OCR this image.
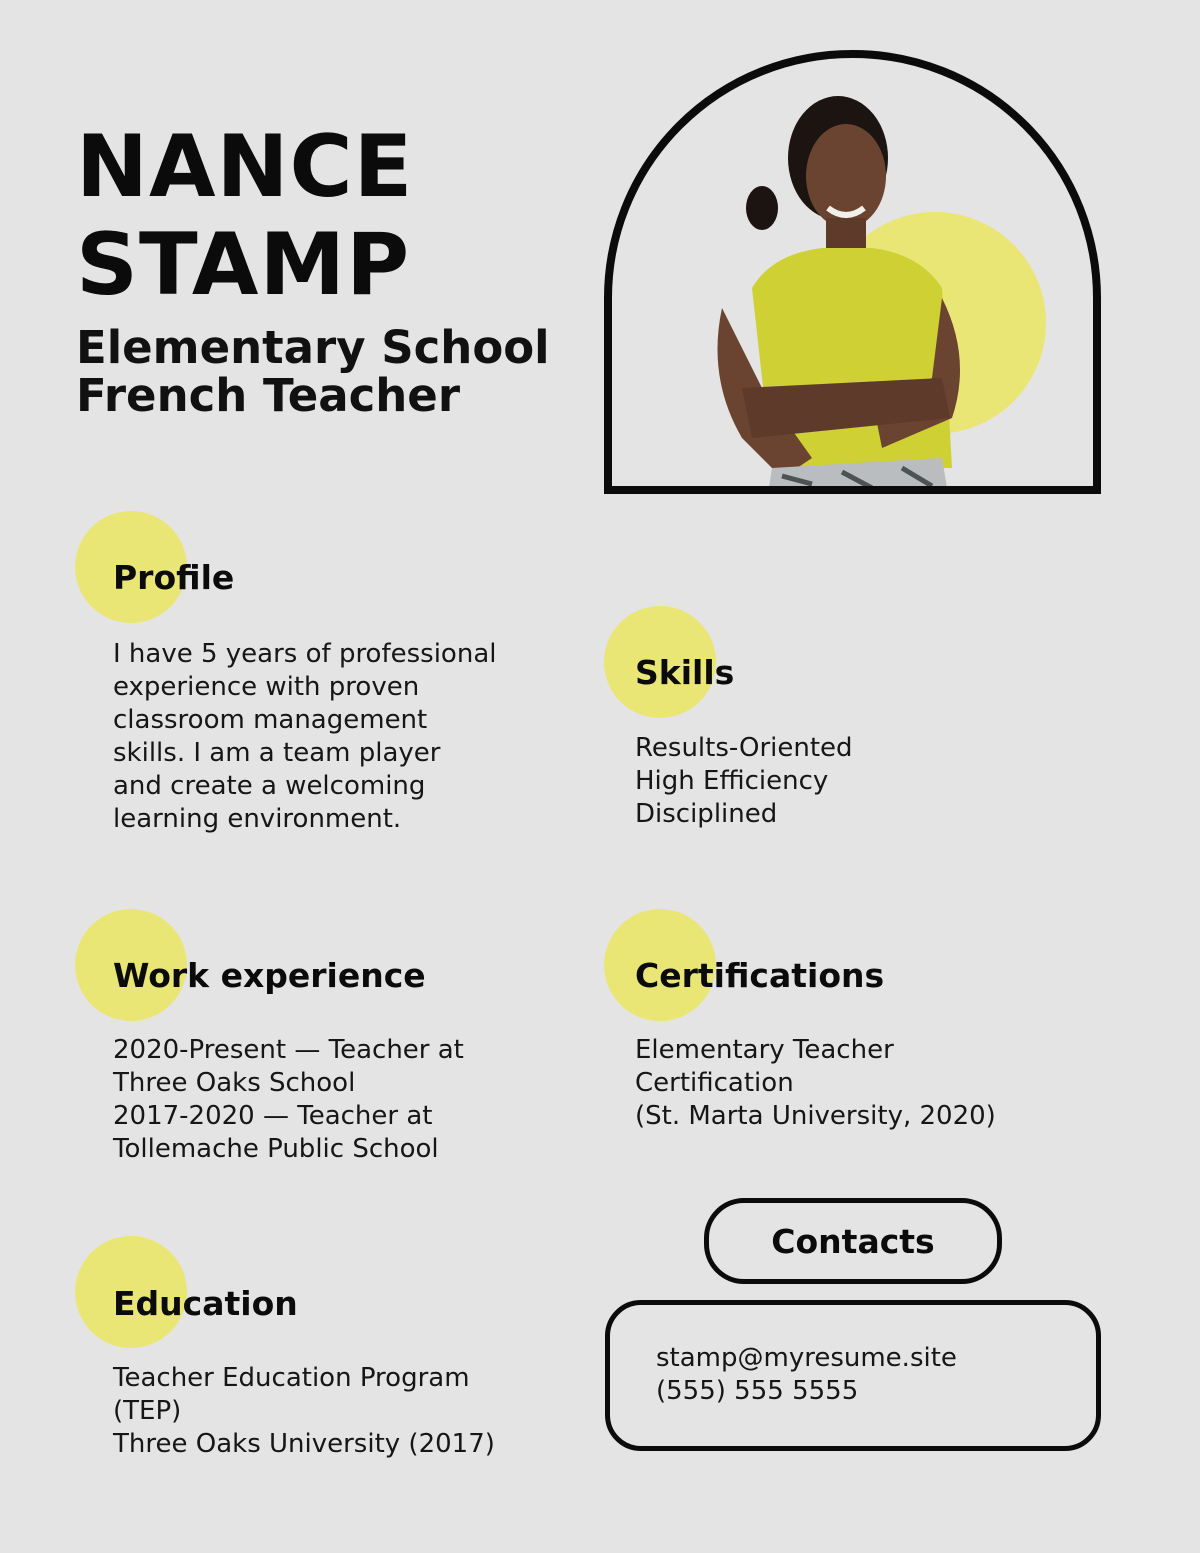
NANCE
STAMP
Elementary School
French Teacher
Profile

I have 5 years of professional
experience with proven
classroom management
skills. I am a team player
and create a welcoming
learning environment.

Skills

Results-Oriented
High Efficiency
Disciplined

Work experience

2020-Present — Teacher at
Three Oaks School
2017-2020 — Teacher at
Tollemache Public School

Certifications

Elementary Teacher
Certification
(St. Marta University, 2020)

Education

Teacher Education Program
(TEP)
Three Oaks University (2017)

Contacts

stamp@myresume.site
(555) 555 5555
